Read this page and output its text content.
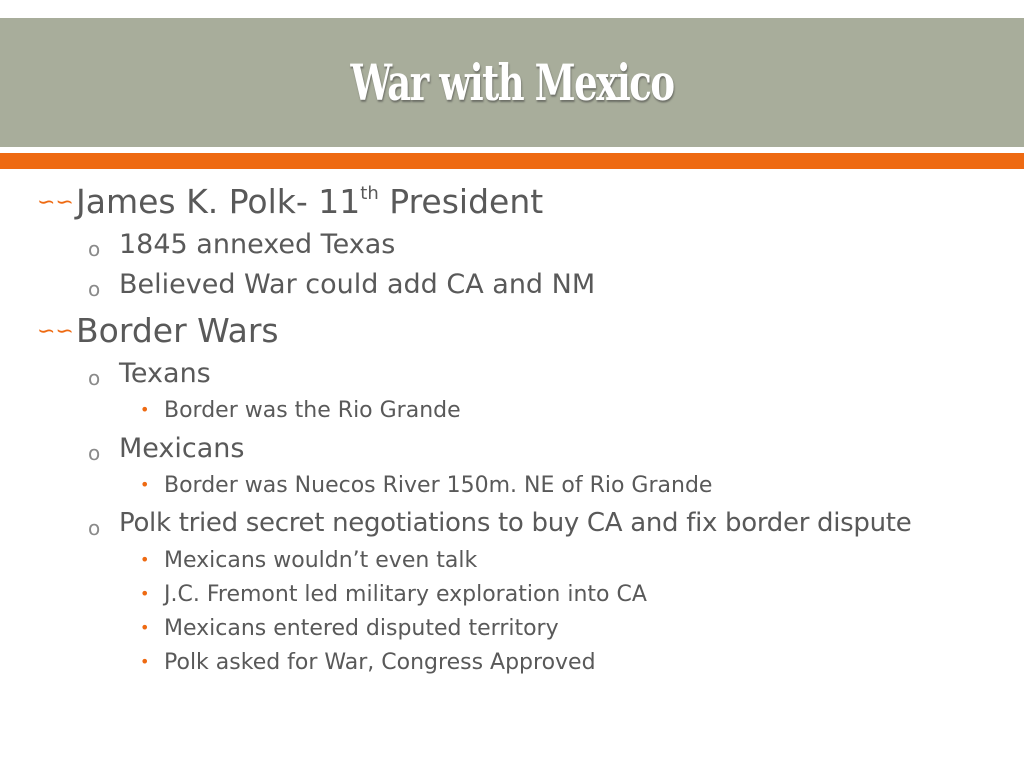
War with Mexico
∽∽ James K. Polk- 11th President
o 1845 annexed Texas
o Believed War could add CA and NM
∽∽ Border Wars
o Texans
• Border was the Rio Grande
o Mexicans
• Border was Nuecos River 150m. NE of Rio Grande
o Polk tried secret negotiations to buy CA and fix border dispute
• Mexicans wouldn’t even talk
• J.C. Fremont led military exploration into CA
• Mexicans entered disputed territory
• Polk asked for War, Congress Approved
